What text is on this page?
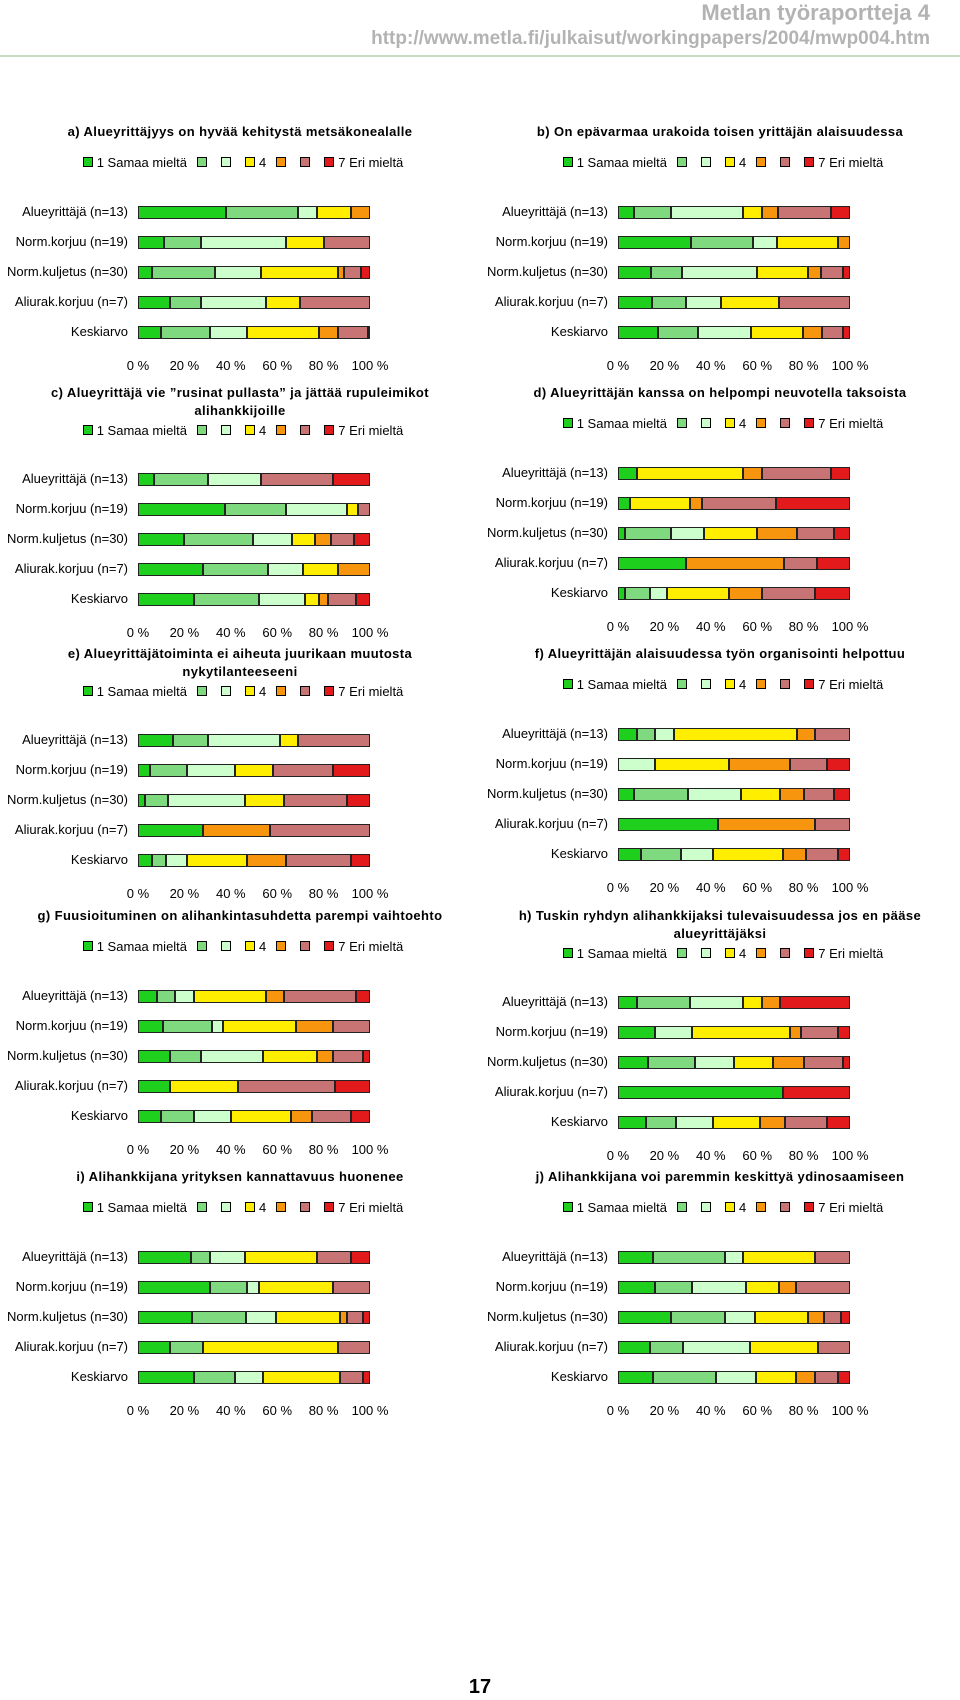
Metlan työraportteja 4
http://www.metla.fi/julkaisut/workingpapers/2004/mwp004.htm
a) Alueyrittäjyys on hyvää kehitystä metsäkonealalle
1 Samaa mieltä	4	7 Eri mieltä
Alueyrittäjä (n=13)
Norm.korjuu (n=19)
Norm.kuljetus (n=30)
Aliurak.korjuu (n=7)
Keskiarvo
0 % 20 % 40 % 60 % 80 % 100 %
b) On epävarmaa urakoida toisen yrittäjän alaisuudessa
1 Samaa mieltä	4	7 Eri mieltä
Alueyrittäjä (n=13)
Norm.korjuu (n=19)
Norm.kuljetus (n=30)
Aliurak.korjuu (n=7)
Keskiarvo
0 % 20 % 40 % 60 % 80 % 100 %
c) Alueyrittäjä vie ”rusinat pullasta” ja jättää rupuleimikot alihankkijoille
1 Samaa mieltä	4	7 Eri mieltä
Alueyrittäjä (n=13)
Norm.korjuu (n=19)
Norm.kuljetus (n=30)
Aliurak.korjuu (n=7)
Keskiarvo
0 % 20 % 40 % 60 % 80 % 100 %
d) Alueyrittäjän kanssa on helpompi neuvotella taksoista
1 Samaa mieltä	4	7 Eri mieltä
Alueyrittäjä (n=13)
Norm.korjuu (n=19)
Norm.kuljetus (n=30)
Aliurak.korjuu (n=7)
Keskiarvo
0 % 20 % 40 % 60 % 80 % 100 %
e) Alueyrittäjätoiminta ei aiheuta juurikaan muutosta nykytilanteeseeni
1 Samaa mieltä	4	7 Eri mieltä
Alueyrittäjä (n=13)
Norm.korjuu (n=19)
Norm.kuljetus (n=30)
Aliurak.korjuu (n=7)
Keskiarvo
0 % 20 % 40 % 60 % 80 % 100 %
f) Alueyrittäjän alaisuudessa työn organisointi helpottuu
1 Samaa mieltä	4	7 Eri mieltä
Alueyrittäjä (n=13)
Norm.korjuu (n=19)
Norm.kuljetus (n=30)
Aliurak.korjuu (n=7)
Keskiarvo
0 % 20 % 40 % 60 % 80 % 100 %
g) Fuusioituminen on alihankintasuhdetta parempi vaihtoehto
1 Samaa mieltä	4	7 Eri mieltä
Alueyrittäjä (n=13)
Norm.korjuu (n=19)
Norm.kuljetus (n=30)
Aliurak.korjuu (n=7)
Keskiarvo
0 % 20 % 40 % 60 % 80 % 100 %
h) Tuskin ryhdyn alihankkijaksi tulevaisuudessa jos en pääse alueyrittäjäksi
1 Samaa mieltä	4	7 Eri mieltä
Alueyrittäjä (n=13)
Norm.korjuu (n=19)
Norm.kuljetus (n=30)
Aliurak.korjuu (n=7)
Keskiarvo
0 % 20 % 40 % 60 % 80 % 100 %
i) Alihankkijana yrityksen kannattavuus huonenee
1 Samaa mieltä	4	7 Eri mieltä
Alueyrittäjä (n=13)
Norm.korjuu (n=19)
Norm.kuljetus (n=30)
Aliurak.korjuu (n=7)
Keskiarvo
0 % 20 % 40 % 60 % 80 % 100 %
j) Alihankkijana voi paremmin keskittyä ydinosaamiseen
1 Samaa mieltä	4	7 Eri mieltä
Alueyrittäjä (n=13)
Norm.korjuu (n=19)
Norm.kuljetus (n=30)
Aliurak.korjuu (n=7)
Keskiarvo
0 % 20 % 40 % 60 % 80 % 100 %
17
